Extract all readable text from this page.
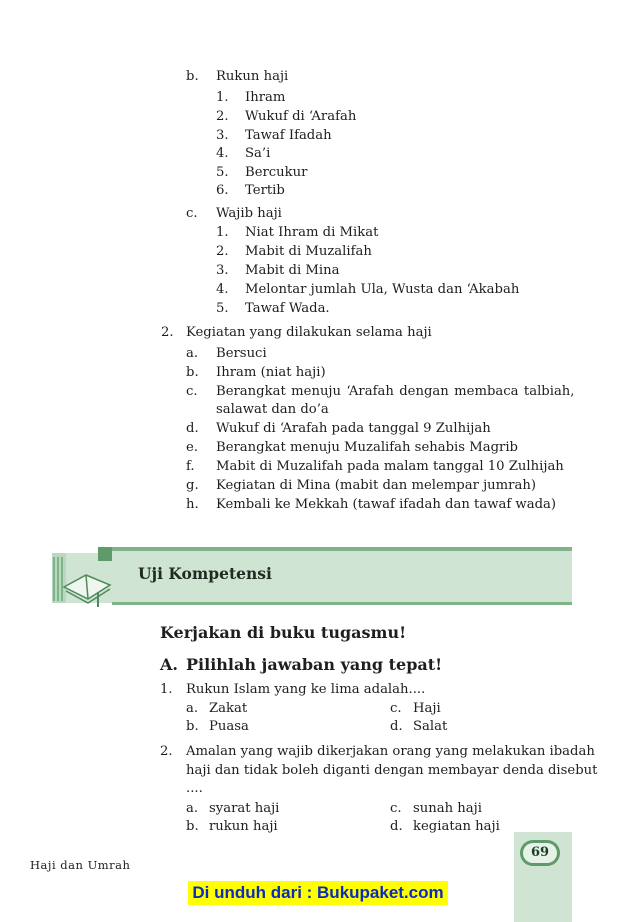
b. Rukun haji
1. Ihram
2. Wukuf di ‘Arafah
3. Tawaf Ifadah
4. Sa’i
5. Bercukur
6. Tertib
c. Wajib haji
1. Niat Ihram di Mikat
2. Mabit di Muzalifah
3. Mabit di Mina
4. Melontar jumlah Ula, Wusta dan ‘Akabah
5. Tawaf Wada.
2. Kegiatan yang dilakukan selama haji
a. Bersuci
b. Ihram (niat haji)
c. Berangkat menuju ‘Arafah dengan membaca talbiah,
salawat dan do’a
d. Wukuf di ‘Arafah pada tanggal 9 Zulhijah
e. Berangkat menuju Muzalifah sehabis Magrib
f. Mabit di Muzalifah pada malam tanggal 10 Zulhijah
g. Kegiatan di Mina (mabit dan melempar jumrah)
h. Kembali ke Mekkah (tawaf ifadah dan tawaf wada)
Uji Kompetensi
Kerjakan di buku tugasmu!
A. Pilihlah jawaban yang tepat!
1. Rukun Islam yang ke lima adalah....
a. Zakat	c. Haji
b. Puasa	d. Salat
2. Amalan yang wajib dikerjakan orang yang melakukan ibadah
haji dan tidak boleh diganti dengan membayar denda disebut
....
a. syarat haji	c. sunah haji
b. rukun haji	d. kegiatan haji
69
Haji dan Umrah
Di unduh dari : Bukupaket.com
